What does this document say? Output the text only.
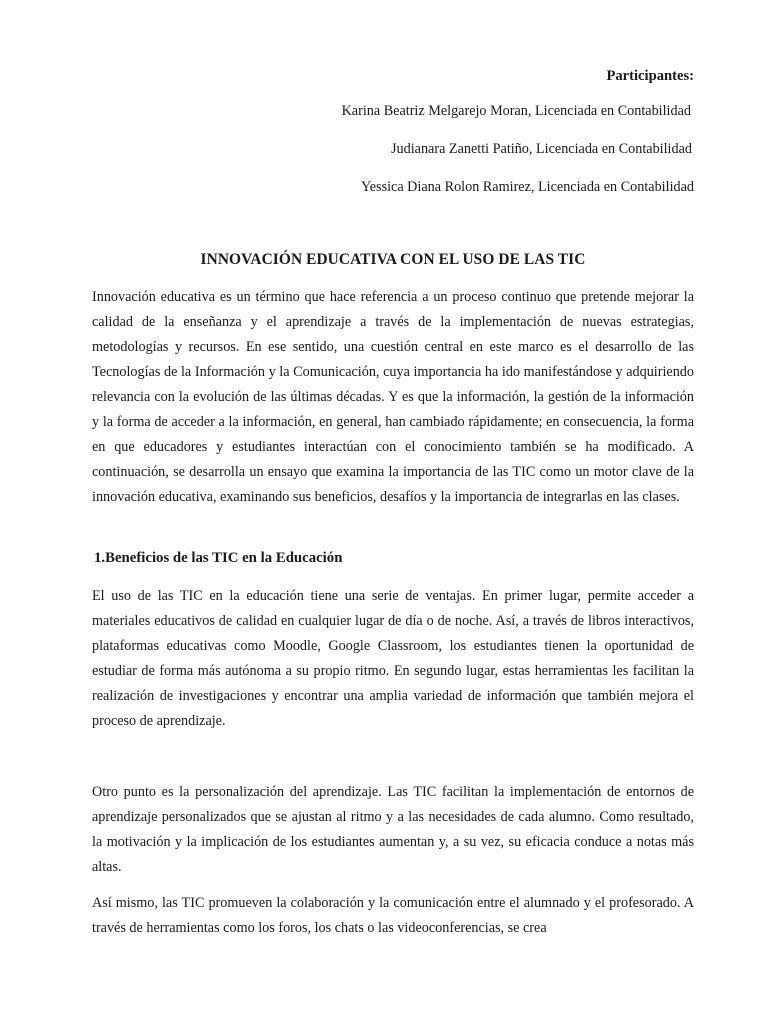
Participantes:
Karina Beatriz Melgarejo Moran, Licenciada en Contabilidad
Judianara Zanetti Patiño, Licenciada en Contabilidad
Yessica Diana Rolon Ramirez, Licenciada en Contabilidad
INNOVACIÓN EDUCATIVA CON EL USO DE LAS TIC

Innovación educativa es un término que hace referencia a un proceso continuo que pretende mejorar la calidad de la enseñanza y el aprendizaje a través de la implementación de nuevas estrategias, metodologías y recursos. En ese sentido, una cuestión central en este marco es el desarrollo de las Tecnologías de la Información y la Comunicación, cuya importancia ha ido manifestándose y adquiriendo relevancia con la evolución de las últimas décadas. Y es que la información, la gestión de la información y la forma de acceder a la información, en general, han cambiado rápidamente; en consecuencia, la forma en que educadores y estudiantes interactúan con el conocimiento también se ha modificado. A continuación, se desarrolla un ensayo que examina la importancia de las TIC como un motor clave de la innovación educativa, examinando sus beneficios, desafíos y la importancia de integrarlas en las clases.

1.Beneficios de las TIC en la Educación

El uso de las TIC en la educación tiene una serie de ventajas. En primer lugar, permite acceder a materiales educativos de calidad en cualquier lugar de día o de noche. Así, a través de libros interactivos, plataformas educativas como Moodle, Google Classroom, los estudiantes tienen la oportunidad de estudiar de forma más autónoma a su propio ritmo. En segundo lugar, estas herramientas les facilitan la realización de investigaciones y encontrar una amplia variedad de información que también mejora el proceso de aprendizaje.

Otro punto es la personalización del aprendizaje. Las TIC facilitan la implementación de entornos de aprendizaje personalizados que se ajustan al ritmo y a las necesidades de cada alumno. Como resultado, la motivación y la implicación de los estudiantes aumentan y, a su vez, su eficacia conduce a notas más altas.

Así mismo, las TIC promueven la colaboración y la comunicación entre el alumnado y el profesorado. A través de herramientas como los foros, los chats o las videoconferencias, se crea
